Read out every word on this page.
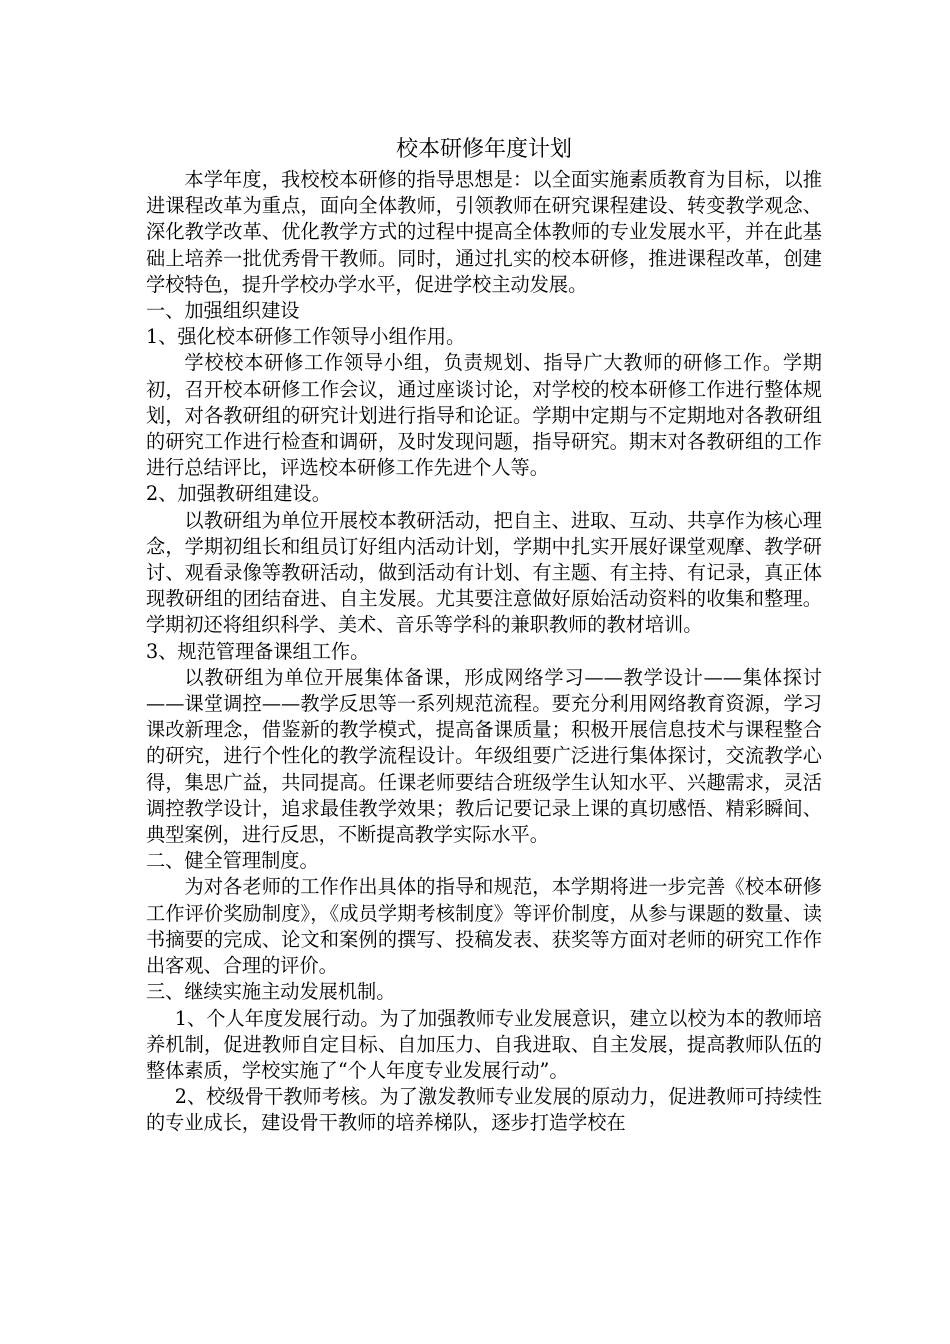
校本研修年度计划

本学年度，我校校本研修的指导思想是：以全面实施素质教育为目标，以推进课程改革为重点，面向全体教师，引领教师在研究课程建设、转变教学观念、深化教学改革、优化教学方式的过程中提高全体教师的专业发展水平，并在此基础上培养一批优秀骨干教师。同时，通过扎实的校本研修，推进课程改革，创建学校特色，提升学校办学水平，促进学校主动发展。

一、加强组织建设

1、强化校本研修工作领导小组作用。

学校校本研修工作领导小组，负责规划、指导广大教师的研修工作。学期初，召开校本研修工作会议，通过座谈讨论，对学校的校本研修工作进行整体规划，对各教研组的研究计划进行指导和论证。学期中定期与不定期地对各教研组的研究工作进行检查和调研，及时发现问题，指导研究。期末对各教研组的工作进行总结评比，评选校本研修工作先进个人等。

2、加强教研组建设。

以教研组为单位开展校本教研活动，把自主、进取、互动、共享作为核心理念，学期初组长和组员订好组内活动计划，学期中扎实开展好课堂观摩、教学研讨、观看录像等教研活动，做到活动有计划、有主题、有主持、有记录，真正体现教研组的团结奋进、自主发展。尤其要注意做好原始活动资料的收集和整理。学期初还将组织科学、美术、音乐等学科的兼职教师的教材培训。

3、规范管理备课组工作。

以教研组为单位开展集体备课，形成网络学习——教学设计——集体探讨——课堂调控——教学反思等一系列规范流程。要充分利用网络教育资源，学习课改新理念，借鉴新的教学模式，提高备课质量；积极开展信息技术与课程整合的研究，进行个性化的教学流程设计。年级组要广泛进行集体探讨，交流教学心得，集思广益，共同提高。任课老师要结合班级学生认知水平、兴趣需求，灵活调控教学设计，追求最佳教学效果；教后记要记录上课的真切感悟、精彩瞬间、典型案例，进行反思，不断提高教学实际水平。

二、健全管理制度。

为对各老师的工作作出具体的指导和规范，本学期将进一步完善《校本研修工作评价奖励制度》，《成员学期考核制度》等评价制度，从参与课题的数量、读书摘要的完成、论文和案例的撰写、投稿发表、获奖等方面对老师的研究工作作出客观、合理的评价。

三、继续实施主动发展机制。

1、个人年度发展行动。为了加强教师专业发展意识，建立以校为本的教师培养机制，促进教师自定目标、自加压力、自我进取、自主发展，提高教师队伍的整体素质，学校实施了“个人年度专业发展行动”。

2、校级骨干教师考核。为了激发教师专业发展的原动力，促进教师可持续性的专业成长，建设骨干教师的培养梯队，逐步打造学校在
